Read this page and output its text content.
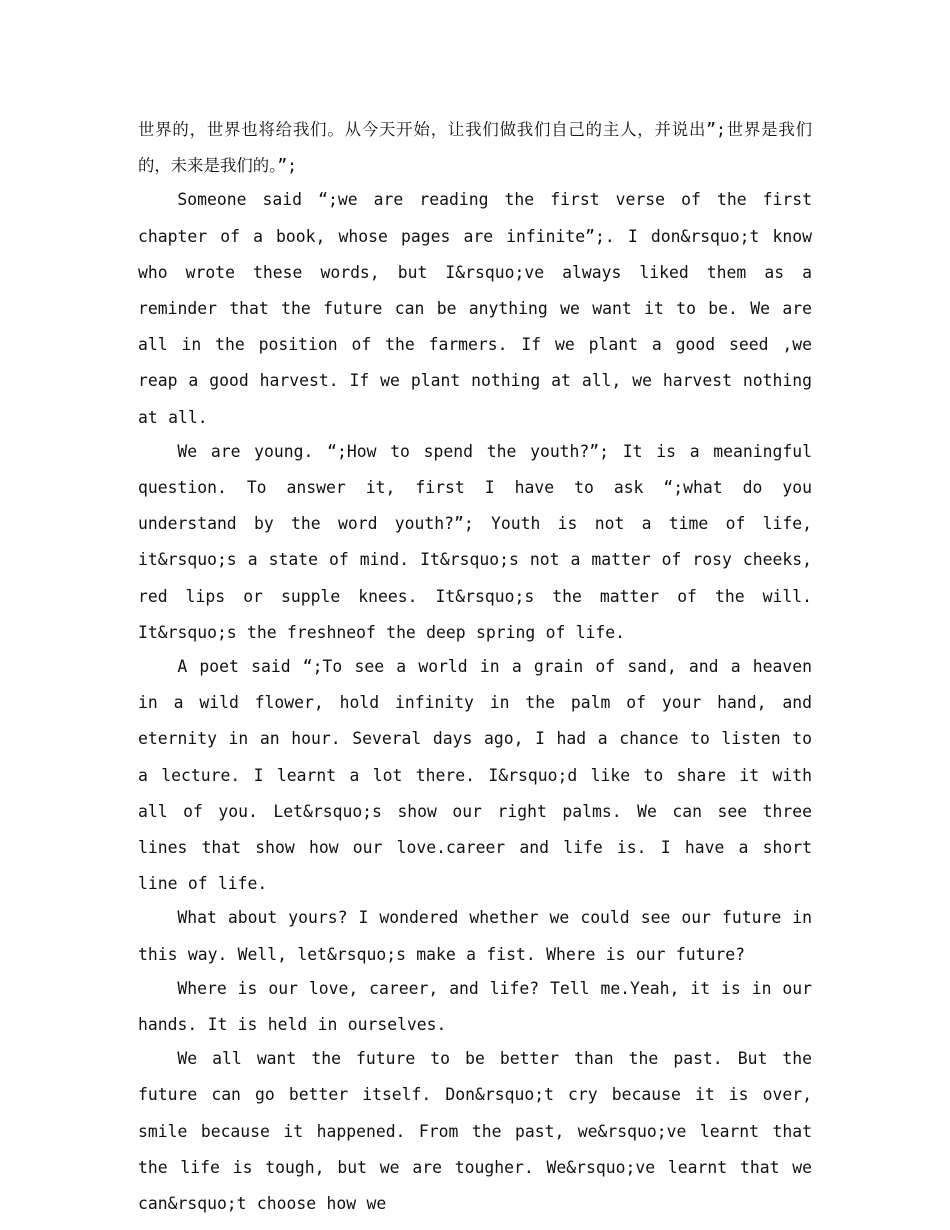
世界的，世界也将给我们。从今天开始，让我们做我们自己的主人，并说出”;世界是我们的，未来是我们的。”;

Someone said “;we are reading the first verse of the first chapter of a book, whose pages are infinite”;. I don&rsquo;t know who wrote these words, but I&rsquo;ve always liked them as a reminder that the future can be anything we want it to be. We are all in the position of the farmers. If we plant a good seed ,we reap a good harvest. If we plant nothing at all, we harvest nothing at all.

We are young. “;How to spend the youth?”; It is a meaningful question. To answer it, first I have to ask “;what do you understand by the word youth?”; Youth is not a time of life, it&rsquo;s a state of mind. It&rsquo;s not a matter of rosy cheeks, red lips or supple knees. It&rsquo;s the matter of the will. It&rsquo;s the freshneof the deep spring of life.

A poet said “;To see a world in a grain of sand, and a heaven in a wild flower, hold infinity in the palm of your hand, and eternity in an hour. Several days ago, I had a chance to listen to a lecture. I learnt a lot there. I&rsquo;d like to share it with all of you. Let&rsquo;s show our right palms. We can see three lines that show how our love.career and life is. I have a short line of life.

What about yours? I wondered whether we could see our future in this way. Well, let&rsquo;s make a fist. Where is our future?

Where is our love, career, and life? Tell me.Yeah, it is in our hands. It is held in ourselves.

We all want the future to be better than the past. But the future can go better itself. Don&rsquo;t cry because it is over, smile because it happened. From the past, we&rsquo;ve learnt that the life is tough, but we are tougher. We&rsquo;ve learnt that we can&rsquo;t choose how we
